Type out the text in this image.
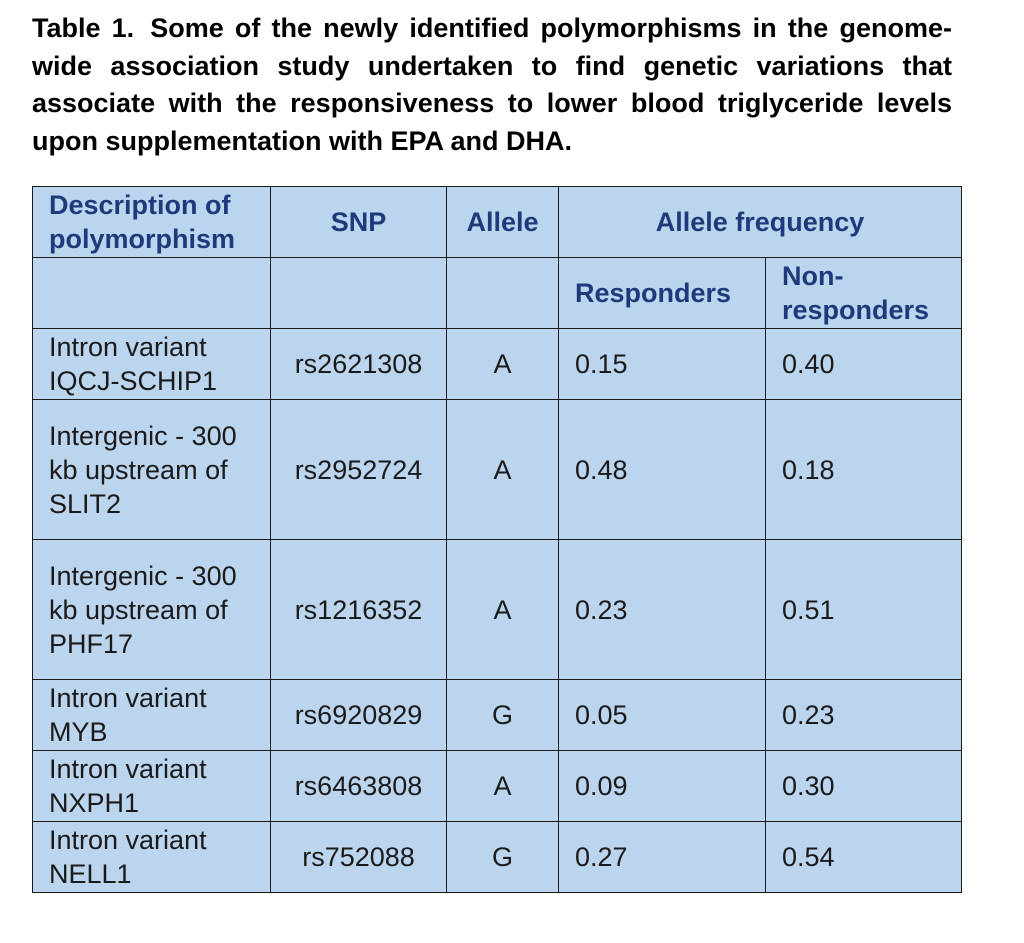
Table 1. Some of the newly identified polymorphisms in the genome-wide association study undertaken to find genetic variations that associate with the responsiveness to lower blood triglyceride levels upon supplementation with EPA and DHA.

Description of polymorphism	SNP	Allele	Allele frequency	
			Responders	Non-responders
Intron variant IQCJ-SCHIP1	rs2621308	A	0.15	0.40
Intergenic - 300 kb upstream of SLIT2	rs2952724	A	0.48	0.18
Intergenic - 300 kb upstream of PHF17	rs1216352	A	0.23	0.51
Intron variant MYB	rs6920829	G	0.05	0.23
Intron variant NXPH1	rs6463808	A	0.09	0.30
Intron variant NELL1	rs752088	G	0.27	0.54
